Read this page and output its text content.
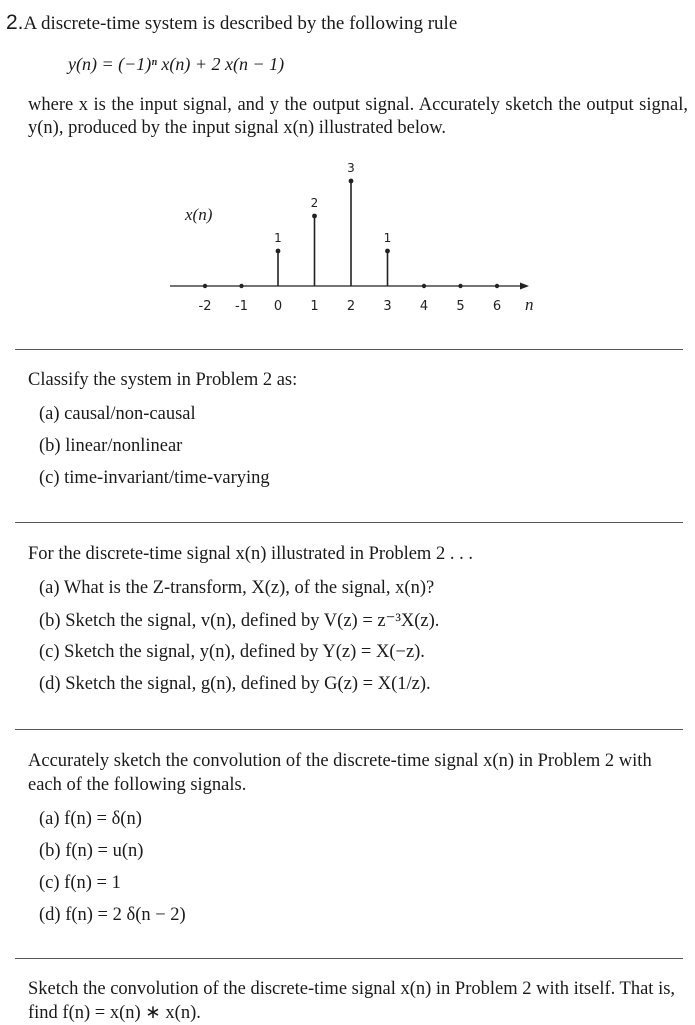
2.A discrete-time system is described by the following rule
y(n) = (−1)ⁿ x(n) + 2 x(n − 1)
where x is the input signal, and y the output signal. Accurately sketch the output signal, y(n), produced by the input signal x(n) illustrated below.
x(n)
n
-2 -1 0
1
1
2
2
3
3
1
4 5 6
Classify the system in Problem 2 as:
(a) causal/non-causal
(b) linear/nonlinear
(c) time-invariant/time-varying
For the discrete-time signal x(n) illustrated in Problem 2 . . .
(a) What is the Z-transform, X(z), of the signal, x(n)?
(b) Sketch the signal, v(n), defined by V(z) = z⁻³X(z).
(c) Sketch the signal, y(n), defined by Y(z) = X(−z).
(d) Sketch the signal, g(n), defined by G(z) = X(1/z).
Accurately sketch the convolution of the discrete-time signal x(n) in Problem 2 with each of the following signals.
(a) f(n) = δ(n)
(b) f(n) = u(n)
(c) f(n) = 1
(d) f(n) = 2 δ(n − 2)
Sketch the convolution of the discrete-time signal x(n) in Problem 2 with itself. That is, find f(n) = x(n) ∗ x(n).
